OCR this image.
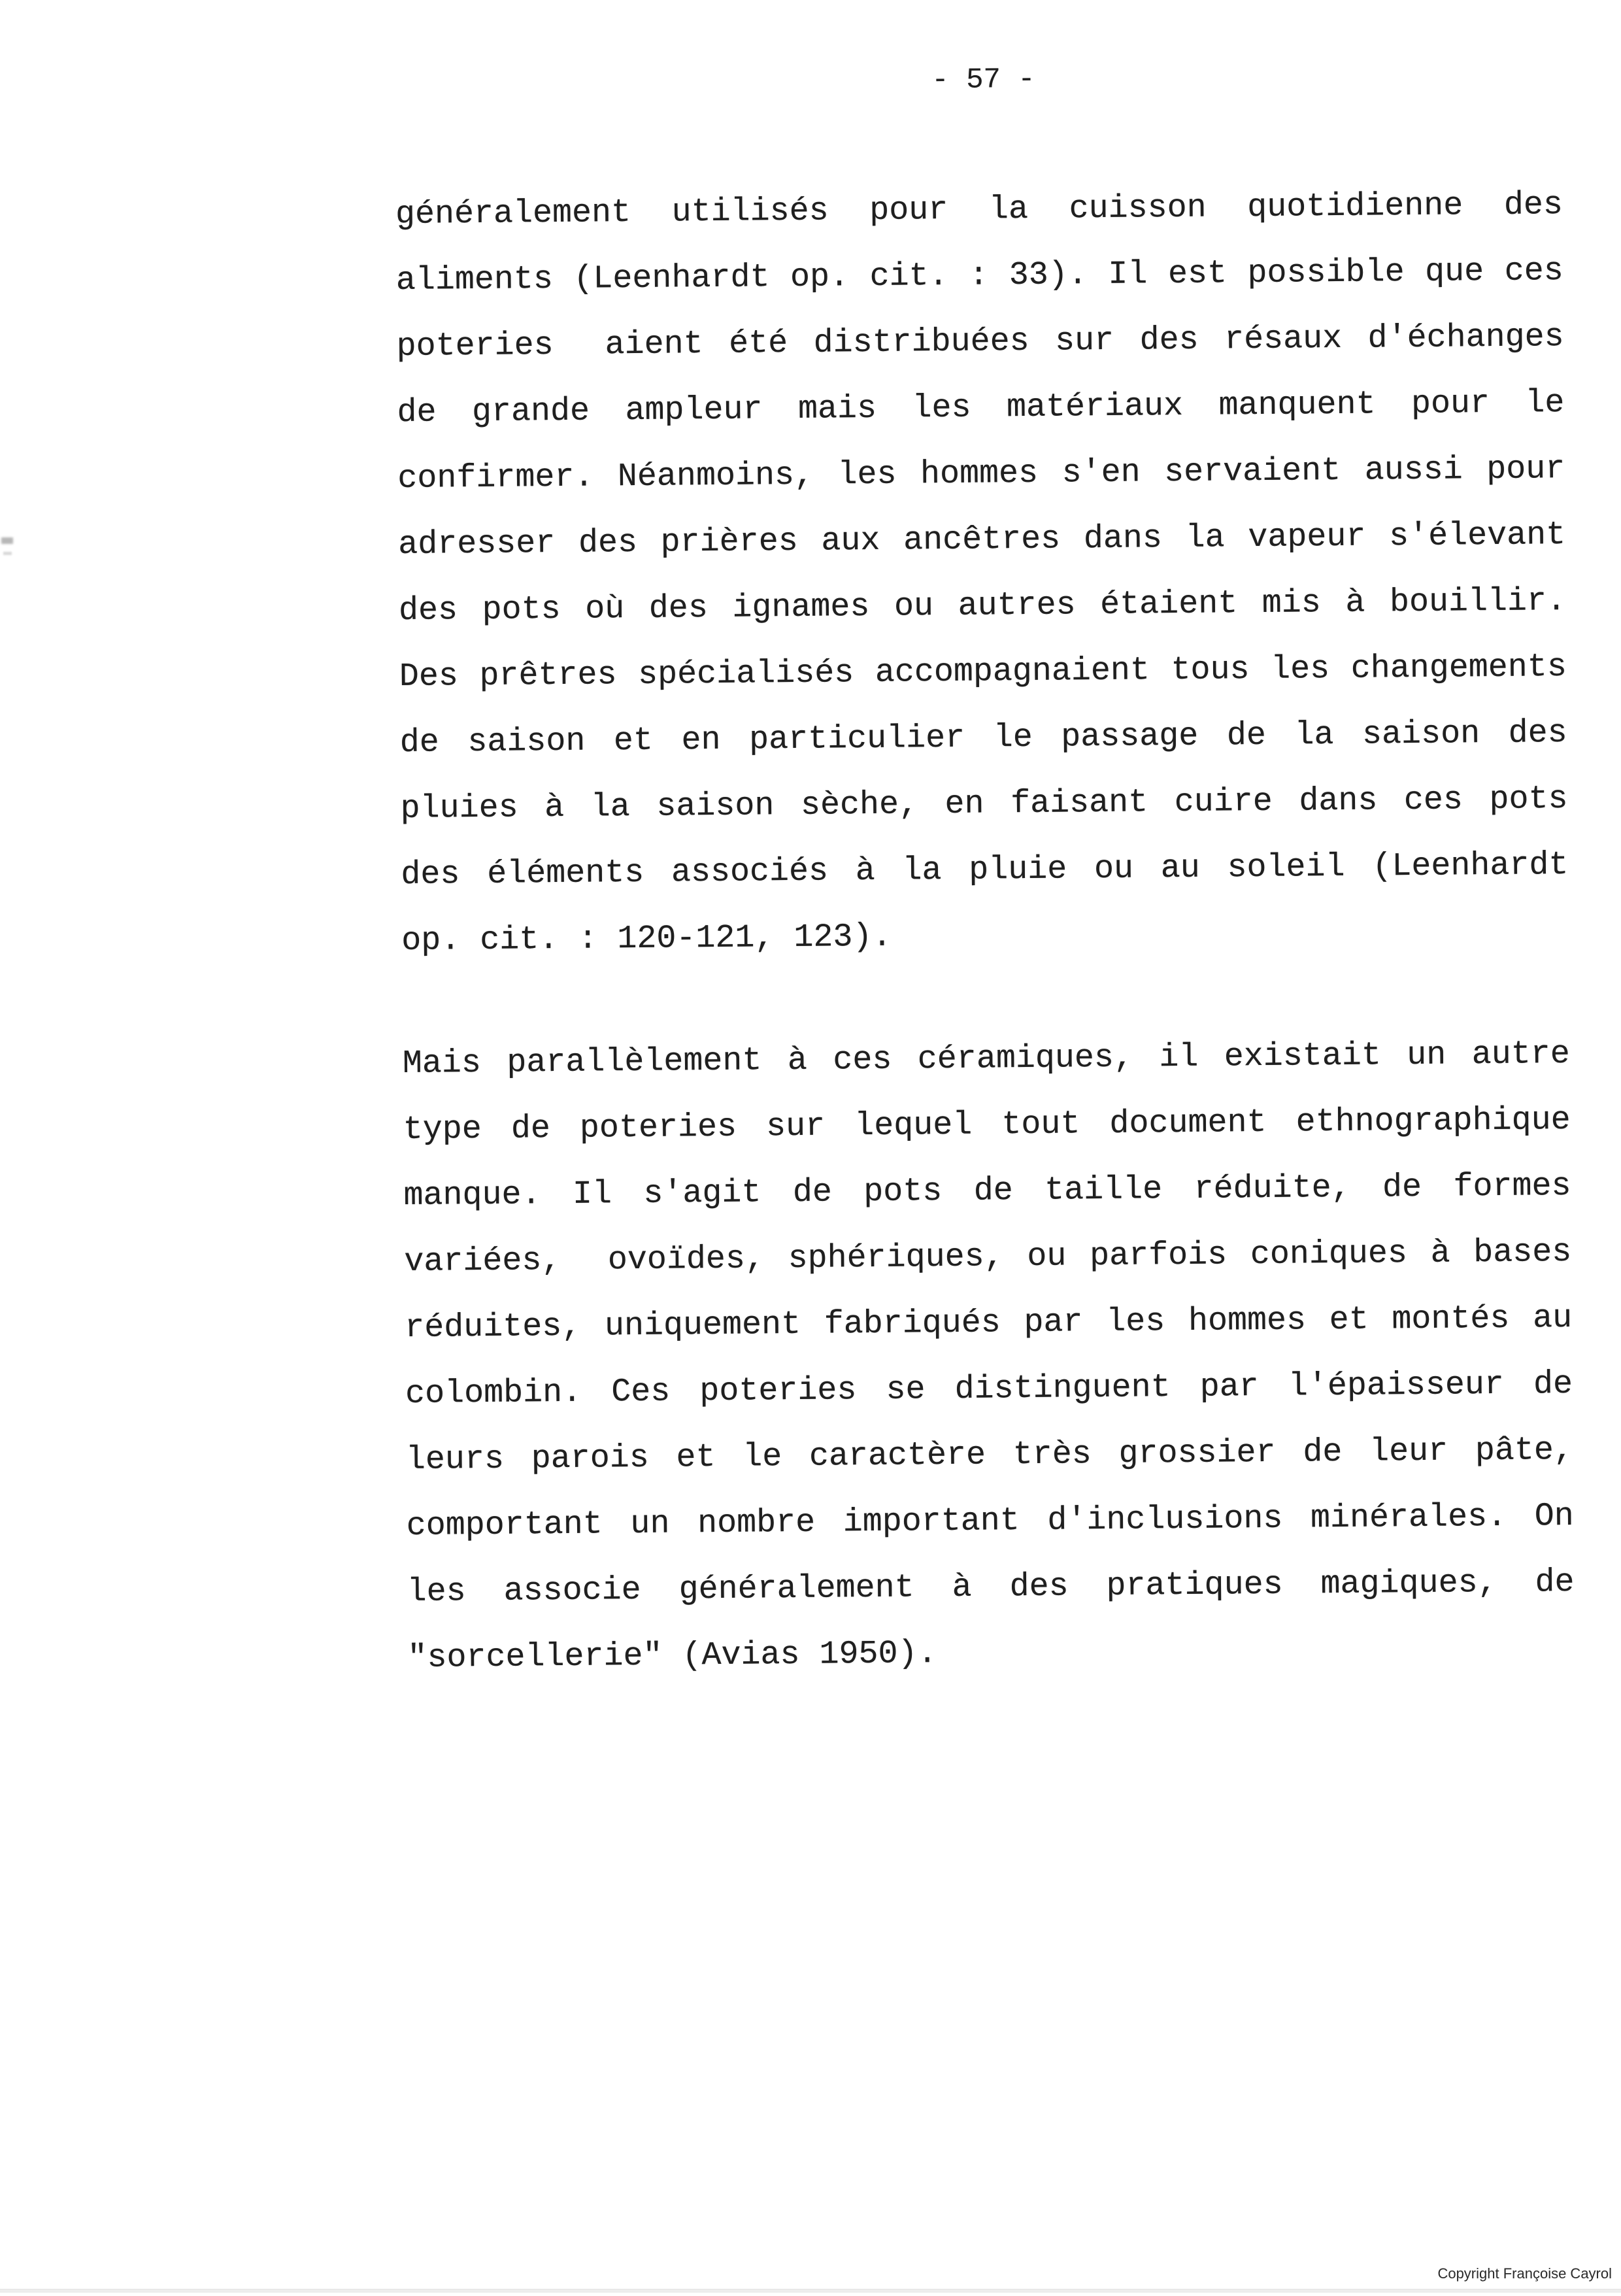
- 57 -
généralement utilisés pour la cuisson quotidienne des
aliments (Leenhardt op. cit. : 33). Il est possible que ces
poteries  aient été distribuées sur des résaux d'échanges
de grande ampleur mais les matériaux manquent pour le
confirmer. Néanmoins, les hommes s'en servaient aussi pour
adresser des prières aux ancêtres dans la vapeur s'élevant
des pots où des ignames ou autres étaient mis à bouillir.
Des prêtres spécialisés accompagnaient tous les changements
de saison et en particulier le passage de la saison des
pluies à la saison sèche, en faisant cuire dans ces pots
des éléments associés à la pluie ou au soleil (Leenhardt
op. cit. : 120-121, 123).
Mais parallèlement à ces céramiques, il existait un autre
type de poteries sur lequel tout document ethnographique
manque. Il s'agit de pots de taille réduite, de formes
variées,  ovoïdes, sphériques, ou parfois coniques à bases
réduites, uniquement fabriqués par les hommes et montés au
colombin. Ces poteries se distinguent par l'épaisseur de
leurs parois et le caractère très grossier de leur pâte,
comportant un nombre important d'inclusions minérales. On
les associe généralement à des pratiques magiques, de
"sorcellerie" (Avias 1950).
Copyright Françoise Cayrol
